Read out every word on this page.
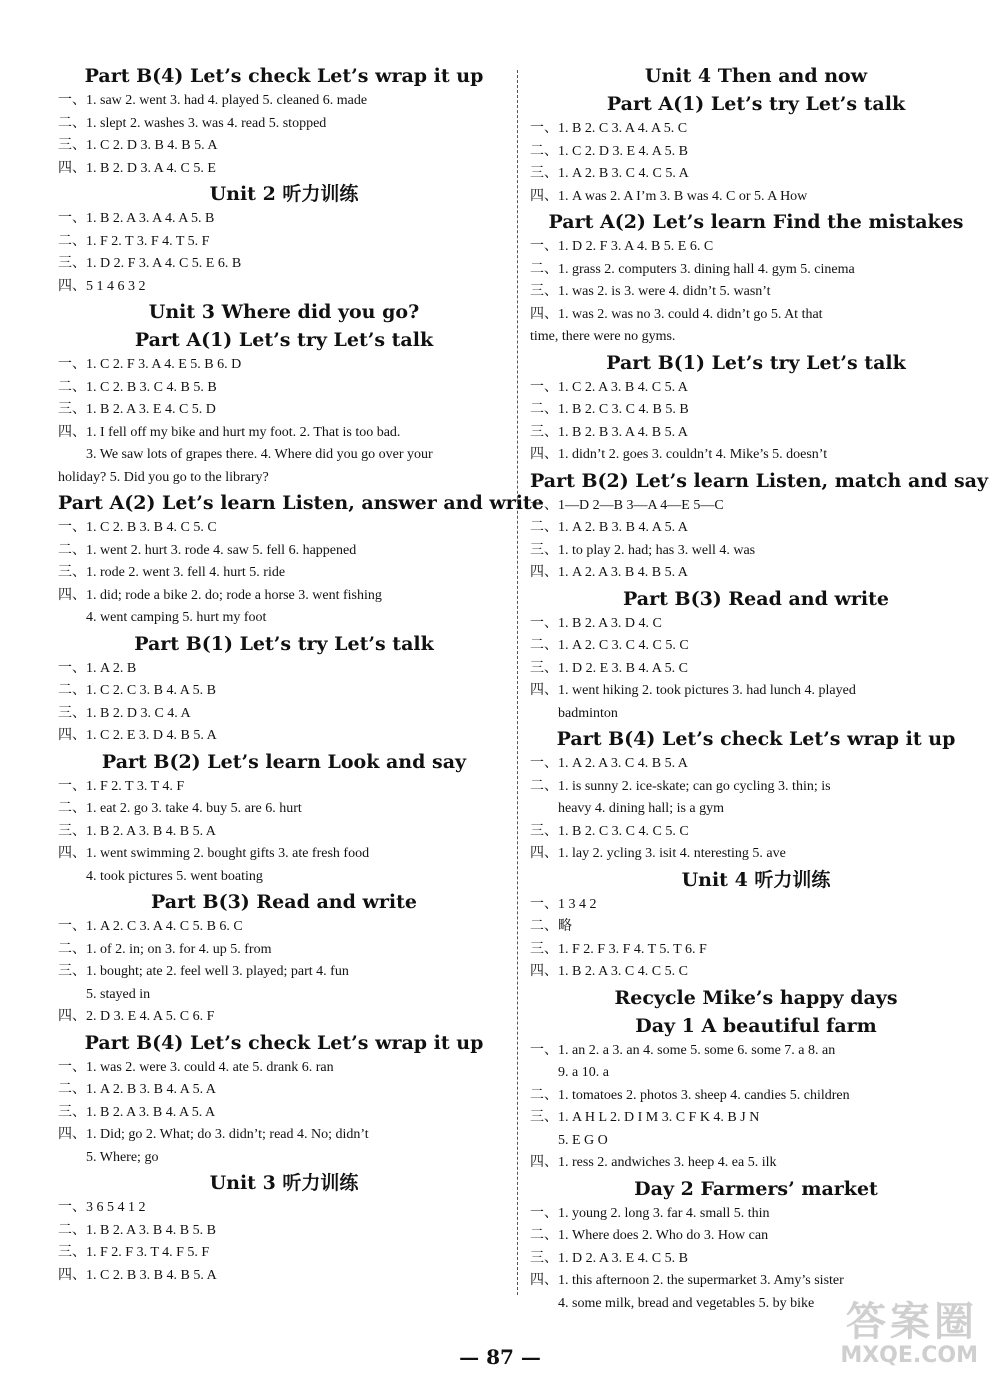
Part B(4) Let’s check Let’s wrap it up
一、1. saw 2. went 3. had 4. played 5. cleaned 6. made
二、1. slept 2. washes 3. was 4. read 5. stopped
三、1. C 2. D 3. B 4. B 5. A
四、1. B 2. D 3. A 4. C 5. E
Unit 2 听力训练
一、1. B 2. A 3. A 4. A 5. B
二、1. F 2. T 3. F 4. T 5. F
三、1. D 2. F 3. A 4. C 5. E 6. B
四、5 1 4 6 3 2
Unit 3 Where did you go?
Part A(1) Let’s try Let’s talk
一、1. C 2. F 3. A 4. E 5. B 6. D
二、1. C 2. B 3. C 4. B 5. B
三、1. B 2. A 3. E 4. C 5. D
四、1. I fell off my bike and hurt my foot. 2. That is too bad.
3. We saw lots of grapes there. 4. Where did you go over your
holiday? 5. Did you go to the library?
Part A(2) Let’s learn Listen, answer and write
一、1. C 2. B 3. B 4. C 5. C
二、1. went 2. hurt 3. rode 4. saw 5. fell 6. happened
三、1. rode 2. went 3. fell 4. hurt 5. ride
四、1. did; rode a bike 2. do; rode a horse 3. went fishing
4. went camping 5. hurt my foot
Part B(1) Let’s try Let’s talk
一、1. A 2. B
二、1. C 2. C 3. B 4. A 5. B
三、1. B 2. D 3. C 4. A
四、1. C 2. E 3. D 4. B 5. A
Part B(2) Let’s learn Look and say
一、1. F 2. T 3. T 4. F
二、1. eat 2. go 3. take 4. buy 5. are 6. hurt
三、1. B 2. A 3. B 4. B 5. A
四、1. went swimming 2. bought gifts 3. ate fresh food
4. took pictures 5. went boating
Part B(3) Read and write
一、1. A 2. C 3. A 4. C 5. B 6. C
二、1. of 2. in; on 3. for 4. up 5. from
三、1. bought; ate 2. feel well 3. played; part 4. fun
5. stayed in
四、2. D 3. E 4. A 5. C 6. F
Part B(4) Let’s check Let’s wrap it up
一、1. was 2. were 3. could 4. ate 5. drank 6. ran
二、1. A 2. B 3. B 4. A 5. A
三、1. B 2. A 3. B 4. A 5. A
四、1. Did; go 2. What; do 3. didn’t; read 4. No; didn’t
5. Where; go
Unit 3 听力训练
一、3 6 5 4 1 2
二、1. B 2. A 3. B 4. B 5. B
三、1. F 2. F 3. T 4. F 5. F
四、1. C 2. B 3. B 4. B 5. A
Unit 4 Then and now
Part A(1) Let’s try Let’s talk
一、1. B 2. C 3. A 4. A 5. C
二、1. C 2. D 3. E 4. A 5. B
三、1. A 2. B 3. C 4. C 5. A
四、1. A was 2. A I’m 3. B was 4. C or 5. A How
Part A(2) Let’s learn Find the mistakes
一、1. D 2. F 3. A 4. B 5. E 6. C
二、1. grass 2. computers 3. dining hall 4. gym 5. cinema
三、1. was 2. is 3. were 4. didn’t 5. wasn’t
四、1. was 2. was no 3. could 4. didn’t go 5. At that
time, there were no gyms.
Part B(1) Let’s try Let’s talk
一、1. C 2. A 3. B 4. C 5. A
二、1. B 2. C 3. C 4. B 5. B
三、1. B 2. B 3. A 4. B 5. A
四、1. didn’t 2. goes 3. couldn’t 4. Mike’s 5. doesn’t
Part B(2) Let’s learn Listen, match and say
一、1—D 2—B 3—A 4—E 5—C
二、1. A 2. B 3. B 4. A 5. A
三、1. to play 2. had; has 3. well 4. was
四、1. A 2. A 3. B 4. B 5. A
Part B(3) Read and write
一、1. B 2. A 3. D 4. C
二、1. A 2. C 3. C 4. C 5. C
三、1. D 2. E 3. B 4. A 5. C
四、1. went hiking 2. took pictures 3. had lunch 4. played
badminton
Part B(4) Let’s check Let’s wrap it up
一、1. A 2. A 3. C 4. B 5. A
二、1. is sunny 2. ice-skate; can go cycling 3. thin; is
heavy 4. dining hall; is a gym
三、1. B 2. C 3. C 4. C 5. C
四、1. lay 2. ycling 3. isit 4. nteresting 5. ave
Unit 4 听力训练
一、1 3 4 2
二、略
三、1. F 2. F 3. F 4. T 5. T 6. F
四、1. B 2. A 3. C 4. C 5. C
Recycle Mike’s happy days
Day 1 A beautiful farm
一、1. an 2. a 3. an 4. some 5. some 6. some 7. a 8. an
9. a 10. a
二、1. tomatoes 2. photos 3. sheep 4. candies 5. children
三、1. A H L 2. D I M 3. C F K 4. B J N
5. E G O
四、1. ress 2. andwiches 3. heep 4. ea 5. ilk
Day 2 Farmers’ market
一、1. young 2. long 3. far 4. small 5. thin
二、1. Where does 2. Who do 3. How can
三、1. D 2. A 3. E 4. C 5. B
四、1. this afternoon 2. the supermarket 3. Amy’s sister
4. some milk, bread and vegetables 5. by bike
— 87 —
答案圈
MXQE.COM
